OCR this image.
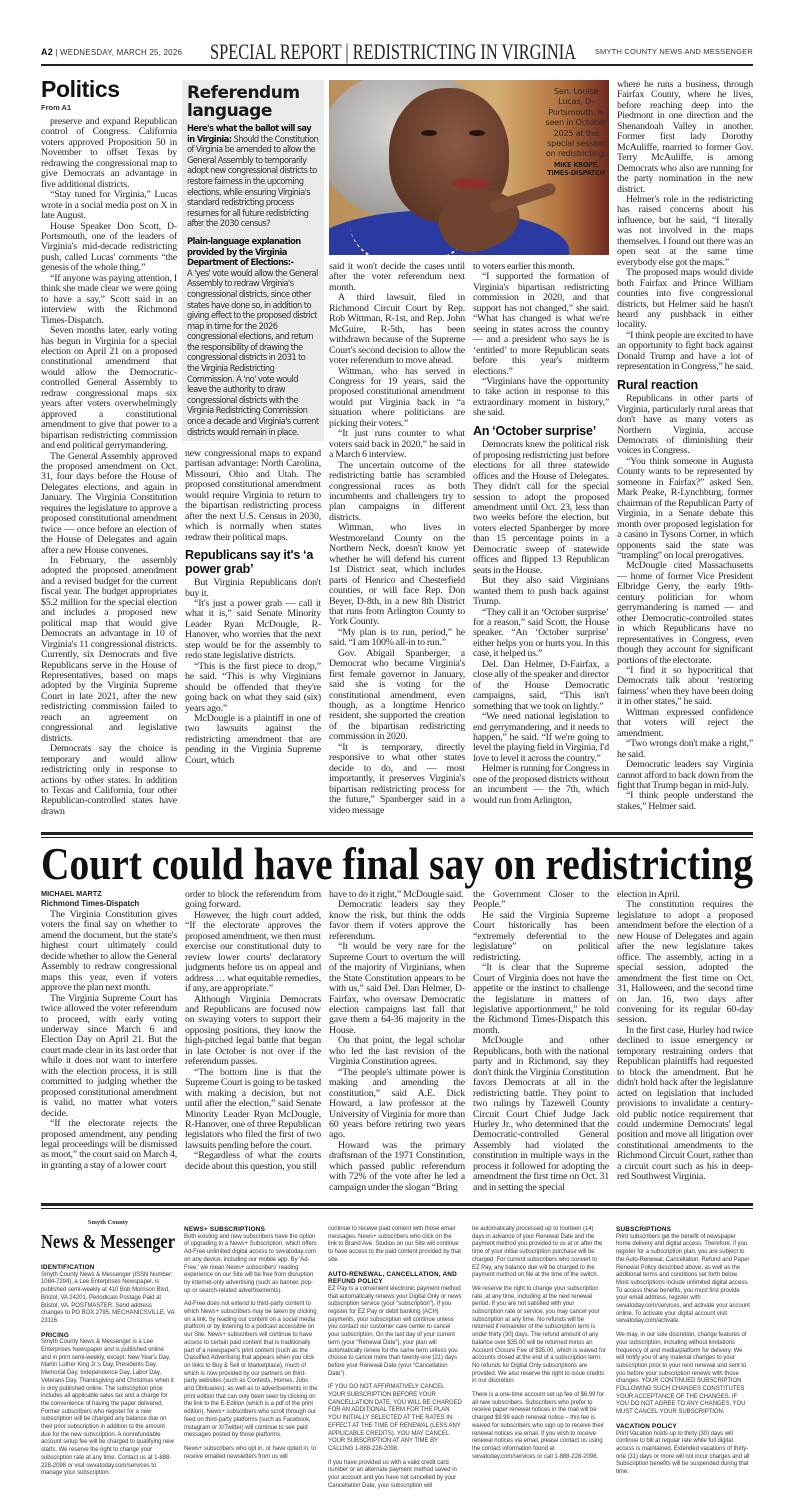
A2 | WEDNESDAY, MARCH 25, 2026 SPECIAL REPORT | REDISTRICTING IN VIRGINIA	SMYTH COUNTY NEWS AND MESSENGER
Politics
From A1

preserve and expand Republican control of Congress. California voters approved Proposition 50 in November to offset Texas by redrawing the congressional map to give Democrats an advantage in five additional districts.

“Stay tuned for Virginia,” Lucas wrote in a social media post on X in late August.

House Speaker Don Scott, D-Portsmouth, one of the leaders of Virginia's mid-decade redistricting push, called Lucas' comments “the genesis of the whole thing.”

“If anyone was paying attention, I think she made clear we were going to have a say,” Scott said in an interview with the Richmond Times-Dispatch.

Seven months later, early voting has begun in Virginia for a special election on April 21 on a proposed constitutional amendment that would allow the Democratic-controlled General Assembly to redraw congressional maps six years after voters overwhelmingly approved a constitutional amendment to give that power to a bipartisan redistricting commission and end political gerrymandering.

The General Assembly approved the proposed amendment on Oct. 31, four days before the House of Delegates elections, and again in January. The Virginia Constitution requires the legislature to approve a proposed constitutional amendment twice — once before an election of the House of Delegates and again after a new House convenes.

In February, the assembly adopted the proposed amendment and a revised budget for the current fiscal year. The budget appropriates $5.2 million for the special election and includes a proposed new political map that would give Democrats an advantage in 10 of Virginia's 11 congressional districts. Currently, six Democrats and five Republicans serve in the House of Representatives, based on maps adopted by the Virginia Supreme Court in late 2021, after the new redistricting commission failed to reach an agreement on congressional and legislative districts.

Democrats say the choice is temporary and would allow redistricting only in response to actions by other states. In addition to Texas and California, four other Republican-controlled states have drawn

Referendum language

Here's what the ballot will say in Virginia: Should the Constitution of Virginia be amended to allow the General Assembly to temporarily adopt new congressional districts to restore fairness in the upcoming elections, while ensuring Virginia's standard redistricting process resumes for all future redistricting after the 2030 census?

Plain-language explanation provided by the Virginia Department of Elections:-
A 'yes' vote would allow the General Assembly to redraw Virginia's congressional districts, since other states have done so, in addition to giving effect to the proposed district map in time for the 2026 congressional elections, and return the responsibility of drawing the congressional districts in 2031 to the Virginia Redistricting Commission. A 'no' vote would leave the authority to draw congressional districts with the Virginia Redistricting Commission once a decade and Virginia's current districts would remain in place.

new congressional maps to expand partisan advantage: North Carolina, Missouri, Ohio and Utah. The proposed constitutional amendment would require Virginia to return to the bipartisan redistricting process after the next U.S. Census in 2030, which is normally when states redraw their political maps.

Republicans say it's ‘a power grab’

But Virginia Republicans don't buy it.

“It's just a power grab — call it what it is,” said Senate Minority Leader Ryan McDougle, R-Hanover, who worries that the next step would be for the assembly to redo state legislative districts.

“This is the first piece to drop,” he said. “This is why Virginians should be offended that they're going back on what they said (six) years ago.”

McDougle is a plaintiff in one of two lawsuits against the redistricting amendment that are pending in the Virginia Supreme Court, which

Sen. Louise Lucas, D-Portsmouth, is seen in October 2025 at the special session on redistricting.
MIKE KROPF, TIMES-DISPATCH

said it won't decide the cases until after the voter referendum next month.

A third lawsuit, filed in Richmond Circuit Court by Rep. Rob Wittman, R-1st, and Rep. John McGuire, R-5th, has been withdrawn because of the Supreme Court's second decision to allow the voter referendum to move ahead.

Wittman, who has served in Congress for 19 years, said the proposed constitutional amendment would put Virginia back in “a situation where politicians are picking their voters.”

“It just runs counter to what voters said back in 2020,” he said in a March 6 interview.

The uncertain outcome of the redistricting battle has scrambled congressional races as both incumbents and challengers try to plan campaigns in different districts.

Wittman, who lives in Westmoreland County on the Northern Neck, doesn't know yet whether he will defend his current 1st District seat, which includes parts of Henrico and Chesterfield counties, or will face Rep. Don Beyer, D-8th, in a new 8th District that runs from Arlington County to York County.

“My plan is to run, period,” he said. “I am 100% all-in to run.”

Gov. Abigail Spanberger, a Democrat who became Virginia's first female governor in January, said she is voting for the constitutional amendment, even though, as a longtime Henrico resident, she supported the creation of the bipartisan redistricting commission in 2020.

“It is temporary, directly responsive to what other states decide to do, and — most importantly, it preserves Virginia's bipartisan redistricting process for the future,” Spanberger said in a video message

to voters earlier this month.

“I supported the formation of Virginia's bipartisan redistricting commission in 2020, and that support has not changed,” she said. “What has changed is what we're seeing in states across the country — and a president who says he is ‘entitled’ to more Republican seats before this year's midterm elections.”

“Virginians have the opportunity to take action in response to this extraordinary moment in history,” she said.

An ‘October surprise’

Democrats knew the political risk of proposing redistricting just before elections for all three statewide offices and the House of Delegates. They didn't call for the special session to adopt the proposed amendment until Oct. 23, less than two weeks before the election, but voters elected Spanberger by more than 15 percentage points in a Democratic sweep of statewide offices and flipped 13 Republican seats in the House.

But they also said Virginians wanted them to push back against Trump.

“They call it an ‘October surprise’ for a reason,” said Scott, the House speaker. “An ‘October surprise’ either helps you or hurts you. In this case, it helped us.”

Del. Dan Helmer, D-Fairfax, a close ally of the speaker and director of the House Democratic campaigns, said, “This isn't something that we took on lightly.”

“We need national legislation to end gerrymandering, and it needs to happen,” he said. “If we're going to level the playing field in Virginia, I'd love to level it across the country.”

Helmer is running for Congress in one of the proposed districts without an incumbent — the 7th, which would run from Arlington,

where he runs a business, through Fairfax County, where he lives, before reaching deep into the Piedmont in one direction and the Shenandoah Valley in another. Former first lady Dorothy McAuliffe, married to former Gov. Terry McAuliffe, is among Democrats who also are running for the party nomination in the new district.

Helmer's role in the redistricting has raised concerns about his influence, but he said, “I literally was not involved in the maps themselves. I found out there was an open seat at the same time everybody else got the maps.”

The proposed maps would divide both Fairfax and Prince William counties into five congressional districts, but Helmer said he hasn't heard any pushback in either locality.

“I think people are excited to have an opportunity to fight back against Donald Trump and have a lot of representation in Congress,” he said.

Rural reaction

Republicans in other parts of Virginia, particularly rural areas that don't have as many voters as Northern Virginia, accuse Democrats of diminishing their voices in Congress.

“You think someone in Augusta County wants to be represented by someone in Fairfax?” asked Sen. Mark Peake, R-Lynchburg, former chairman of the Republican Party of Virginia, in a Senate debate this month over proposed legislation for a casino in Tysons Corner, in which opponents said the state was “trampling” on local prerogatives.

McDougle cited Massachusetts — home of former Vice President Elbridge Gerry, the early 19th-century politician for whom gerrymandering is named — and other Democratic-controlled states in which Republicans have no representatives in Congress, even though they account for significant portions of the electorate.

“I find it so hypocritical that Democrats talk about ‘restoring fairness’ when they have been doing it in other states,” he said.

Wittman expressed confidence that voters will reject the amendment.

“Two wrongs don't make a right,” he said.

Democratic leaders say Virginia cannot afford to back down from the fight that Trump began in mid-July.

“I think people understand the stakes,” Helmer said.

Court could have final say on redistricting
MICHAEL MARTZ
Richmond Times-Dispatch

The Virginia Constitution gives voters the final say on whether to amend the document, but the state's highest court ultimately could decide whether to allow the General Assembly to redraw congressional maps this year, even if voters approve the plan next month.

The Virginia Supreme Court has twice allowed the voter referendum to proceed, with early voting underway since March 6 and Election Day on April 21. But the court made clear in its last order that while it does not want to interfere with the election process, it is still committed to judging whether the proposed constitutional amendment is valid, no matter what voters decide.

“If the electorate rejects the proposed amendment, any pending legal proceedings will be dismissed as moot,” the court said on March 4, in granting a stay of a lower court

order to block the referendum from going forward.

However, the high court added, “If the electorate approves the proposed amendment, we then must exercise our constitutional duty to review lower courts' declaratory judgments before us on appeal and address … what equitable remedies, if any, are appropriate.”

Although Virginia Democrats and Republicans are focused now on swaying voters to support their opposing positions, they know the high-pitched legal battle that began in late October is not over if the referendum passes.

“The bottom line is that the Supreme Court is going to be tasked with making a decision, but not until after the election,” said Senate Minority Leader Ryan McDougle, R-Hanover, one of three Republican legislators who filed the first of two lawsuits pending before the court.

“Regardless of what the courts decide about this question, you still

have to do it right,” McDougle said.

Democratic leaders say they know the risk, but think the odds favor them if voters approve the referendum.

“It would be very rare for the Supreme Court to overturn the will of the majority of Virginians, when the State Constitution appears to be with us,” said Del. Dan Helmer, D-Fairfax, who oversaw Democratic election campaigns last fall that gave them a 64-36 majority in the House.

On that point, the legal scholar who led the last revision of the Virginia Constitution agrees.

“The people's ultimate power is making and amending the constitution,” said A.E. Dick Howard, a law professor at the University of Virginia for more than 60 years before retiring two years ago.

Howard was the primary draftsman of the 1971 Constitution, which passed public referendum with 72% of the vote after he led a campaign under the slogan “Bring

the Government Closer to the People.”

He said the Virginia Supreme Court historically has been “extremely deferential to the legislature” on political redistricting.

“It is clear that the Supreme Court of Virginia does not have the appetite or the instinct to challenge the legislature in matters of legislative apportionment,” he told the Richmond Times-Dispatch this month.

McDougle and other Republicans, both with the national party and in Richmond, say they don't think the Virginia Constitution favors Democrats at all in the redistricting battle. They point to two rulings by Tazewell County Circuit Court Chief Judge Jack Hurley Jr., who determined that the Democratic-controlled General Assembly had violated the constitution in multiple ways in the process it followed for adopting the amendment the first time on Oct. 31 and in setting the special

election in April.

The constitution requires the legislature to adopt a proposed amendment before the election of a new House of Delegates and again after the new legislature takes office. The assembly, acting in a special session, adopted the amendment the first time on Oct. 31, Halloween, and the second time on Jan. 16, two days after convening for its regular 60-day session.

In the first case, Hurley had twice declined to issue emergency or temporary restraining orders that Republican plaintiffs had requested to block the amendment. But he didn't hold back after the legislature acted on legislation that included provisions to invalidate a century-old public notice requirement that could undermine Democrats' legal position and move all litigation over constitutional amendments to the Richmond Circuit Court, rather than a circuit court such as his in deep-red Southwest Virginia.

Smyth County
News & Messenger
IDENTIFICATION

Smyth County News & Messenger (ISSN Number: 1084-7294), a Lee Enterprises Newspaper, is published semi-weekly at 410 Bob Morrison Blvd, Bristol, VA 24201. Periodicals Postage Paid at Bristol, VA. POSTMASTER: Send address changes to PO BOX 2795, MECHANICSVILLE, VA 23116.

PRICING

Smyth County News & Messenger is a Lee Enterprises Newspaper and is published online and in print semi-weekly, except: New Year's Day, Martin Luther King Jr.'s Day, Presidents Day, Memorial Day, Independence Day, Labor Day, Veterans Day, Thanksgiving and Christmas when it is only published online. The subscription price includes all applicable sales tax and a charge for the convenience of having the paper delivered. Former subscribers who register for a new subscription will be charged any balance due on their prior subscription in addition to the amount due for the new subscription. A nonrefundable account setup fee will be charged to qualifying new starts. We reserve the right to change your subscription rate at any time. Contact us at 1-888-228-2098 or visit swvatoday.com/services to manage your subscription.

NEWS+ SUBSCRIPTIONS

Both existing and new subscribers have the option of upgrading to a News+ Subscription, which offers Ad-Free unlimited digital access to swvatoday.com on any device, including our mobile app. By 'Ad-Free,' we mean News+ subscribers' reading experience on our Site will be free from disruption by internet-only advertising (such as banner, pop-up or search-related advertisements).

Ad-Free does not extend to third-party content to which News+ subscribers may be taken by clicking on a link, by reading our content on a social media platform or by listening to a podcast accessible on our Site. News+ subscribers will continue to have access to certain paid content that is traditionally part of a newspaper's print content (such as the Classified Advertising that appears when you click on links to Buy & Sell or Marketplace), much of which is now provided by our partners on third-party websites (such as Contests, Homes, Jobs and Obituaries), as well as to advertisements in the print edition that can only been seen by clicking on the link to the E-Edition (which is a pdf of the print edition). News+ subscribers who scroll through our feed on third-party platforms (such as Facebook, Instagram or X/Twitter) will continue to see paid messages posted by those platforms.

News+ subscribers who opt in, or have opted in, to receive emailed newsletters from us will

continue to receive paid content with those email messages. News+ subscribers who click on the link to Brand Ave. Studios on our Site will continue to have access to the paid content provided by that site.

AUTO-RENEWAL, CANCELLATION, AND REFUND POLICY

EZ Pay is a convenient electronic payment method that automatically renews your Digital Only or news subscription service (your “subscription”). If you register for EZ Pay or debit banking (ACH) payments, your subscription will continue unless you contact our customer care center to cancel your subscription. On the last day of your current term (your “Renewal Date”), your plan will automatically renew for the same term unless you choose to cancel more than twenty-one (21) days before your Renewal Date (your “Cancellation Date”).

IF YOU DO NOT AFFIRMATIVELY CANCEL YOUR SUBSCRIPTION BEFORE YOUR CANCELLATION DATE, YOU WILL BE CHARGED FOR AN ADDITIONAL TERM FOR THE PLAN YOU INITIALLY SELECTED AT THE RATES IN EFFECT AT THE TIME OF RENEWAL (LESS ANY APPLICABLE CREDITS). YOU MAY CANCEL YOUR SUBSCRIPTION AT ANY TIME BY CALLING 1-888-228-2098.

If you have provided us with a valid credit card number or an alternate payment method saved in your account and you have not cancelled by your Cancellation Date, your subscription will

be automatically processed up to fourteen (14) days in advance of your Renewal Date and the payment method you provided to us at or after the time of your initial subscription purchase will be charged. For current subscribers who convert to EZ Pay, any balance due will be charged to the payment method on file at the time of the switch.

We reserve the right to change your subscription rate, at any time, including at the next renewal period. If you are not satisfied with your subscription rate or service, you may cancel your subscription at any time. No refunds will be returned if remainder of the subscription term is under thirty (30) days. The refund amount of any balance over $35.00 will be returned minus an Account Closure Fee of $35.00, which is waived for accounts closed at the end of a subscription term. No refunds for Digital Only subscriptions are provided. We also reserve the right to issue credits in our discretion.

There is a one-time account set up fee of $6.99 for all new subscribers. Subscribers who prefer to receive paper renewal notices in the mail will be charged $9.99 each renewal notice – this fee is waived for subscribers who sign up to receive their renewal notices via email. If you wish to receive renewal notices via email, please contact us using the contact information found at swvatoday.com/services or call 1-888-228-2098.

SUBSCRIPTIONS

Print subscribers get the benefit of newspaper home delivery and digital access. Therefore, if you register for a subscription plan, you are subject to the Auto-Renewal, Cancellation, Refund and Paper Renewal Policy described above, as well as the additional terms and conditions set forth below. Most subscriptions include unlimited digital access. To access these benefits, you must first provide your email address, register with swvatoday.com/services, and activate your account online. To activate your digital account visit swvatoday.com/activate.

We may, in our sole discretion, change features of your subscription, including without limitations frequency of and media/platform for delivery. We will notify you of any material changes to your subscription prior to your next renewal and sent to you before your subscription renews with those changes. YOUR CONTINUED SUBSCRIPTION FOLLOWING SUCH CHANGES CONSTITUTES YOUR ACCEPTANCE OF THE CHANGES. IF YOU DO NOT AGREE TO ANY CHANGES, YOU MUST CANCEL YOUR SUBSCRIPTION.

VACATION POLICY

Print Vacation holds up to thirty (30) days will continue to bill at regular rate while full digital access is maintained. Extended vacations of thirty-one (31) days or more will not incur charges and all Subscription benefits will be suspended during that time.
